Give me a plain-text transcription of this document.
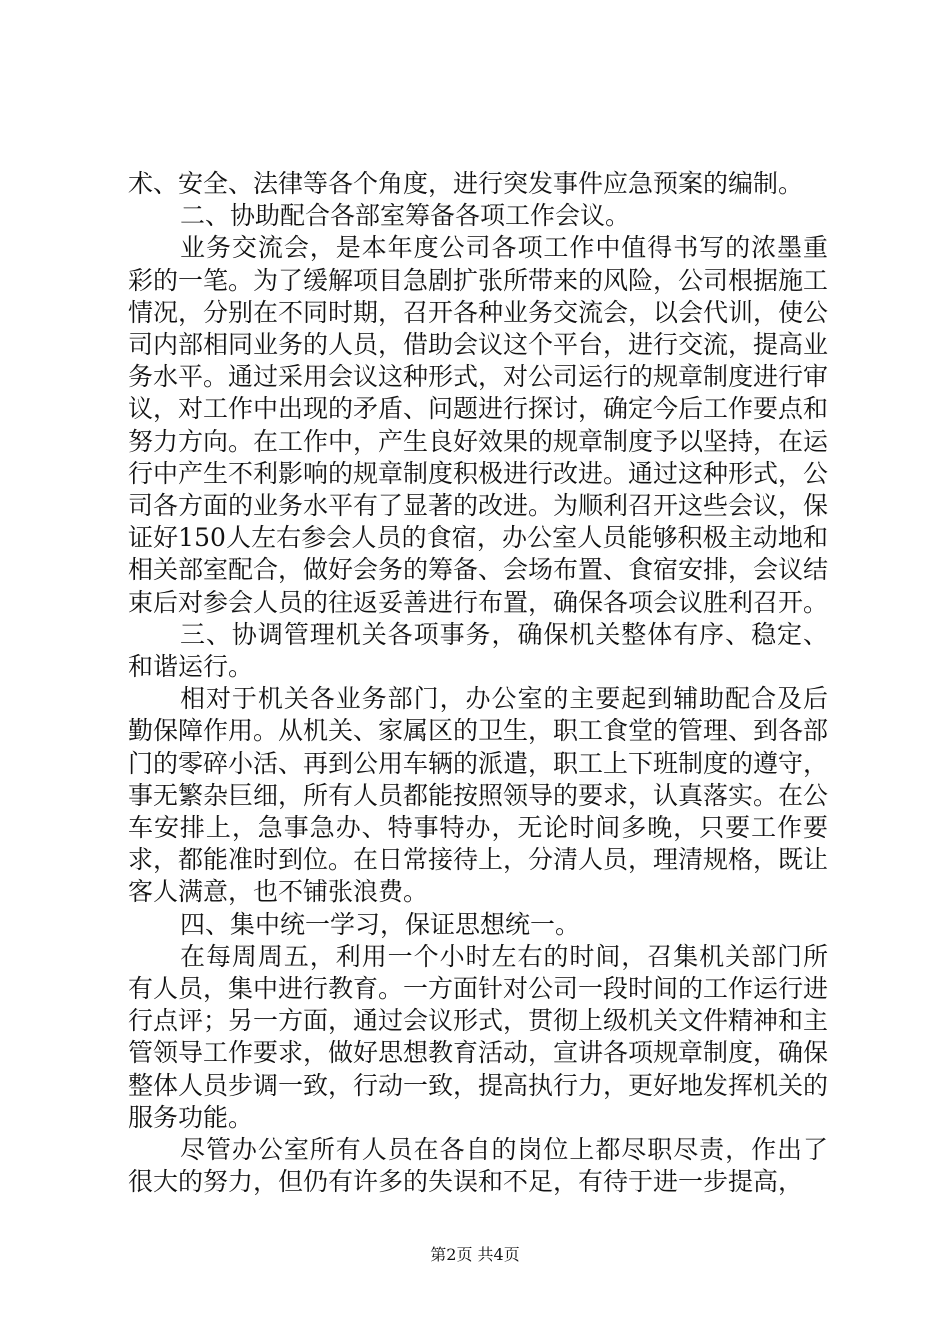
术、安全、法律等各个角度，进行突发事件应急预案的编制。

二、协助配合各部室筹备各项工作会议。

业务交流会，是本年度公司各项工作中值得书写的浓墨重彩的一笔。为了缓解项目急剧扩张所带来的风险，公司根据施工情况，分别在不同时期，召开各种业务交流会，以会代训，使公司内部相同业务的人员，借助会议这个平台，进行交流，提高业务水平。通过采用会议这种形式，对公司运行的规章制度进行审议，对工作中出现的矛盾、问题进行探讨，确定今后工作要点和努力方向。在工作中，产生良好效果的规章制度予以坚持，在运行中产生不利影响的规章制度积极进行改进。通过这种形式，公司各方面的业务水平有了显著的改进。为顺利召开这些会议，保证好150人左右参会人员的食宿，办公室人员能够积极主动地和相关部室配合，做好会务的筹备、会场布置、食宿安排，会议结束后对参会人员的往返妥善进行布置，确保各项会议胜利召开。

三、协调管理机关各项事务，确保机关整体有序、稳定、和谐运行。

相对于机关各业务部门，办公室的主要起到辅助配合及后勤保障作用。从机关、家属区的卫生，职工食堂的管理、到各部门的零碎小活、再到公用车辆的派遣，职工上下班制度的遵守，事无繁杂巨细，所有人员都能按照领导的要求，认真落实。在公车安排上，急事急办、特事特办，无论时间多晚，只要工作要求，都能准时到位。在日常接待上，分清人员，理清规格，既让客人满意，也不铺张浪费。

四、集中统一学习，保证思想统一。

在每周周五，利用一个小时左右的时间，召集机关部门所有人员，集中进行教育。一方面针对公司一段时间的工作运行进行点评；另一方面，通过会议形式，贯彻上级机关文件精神和主管领导工作要求，做好思想教育活动，宣讲各项规章制度，确保整体人员步调一致，行动一致，提高执行力，更好地发挥机关的服务功能。

尽管办公室所有人员在各自的岗位上都尽职尽责，作出了很大的努力，但仍有许多的失误和不足，有待于进一步提高，

第2页 共4页
